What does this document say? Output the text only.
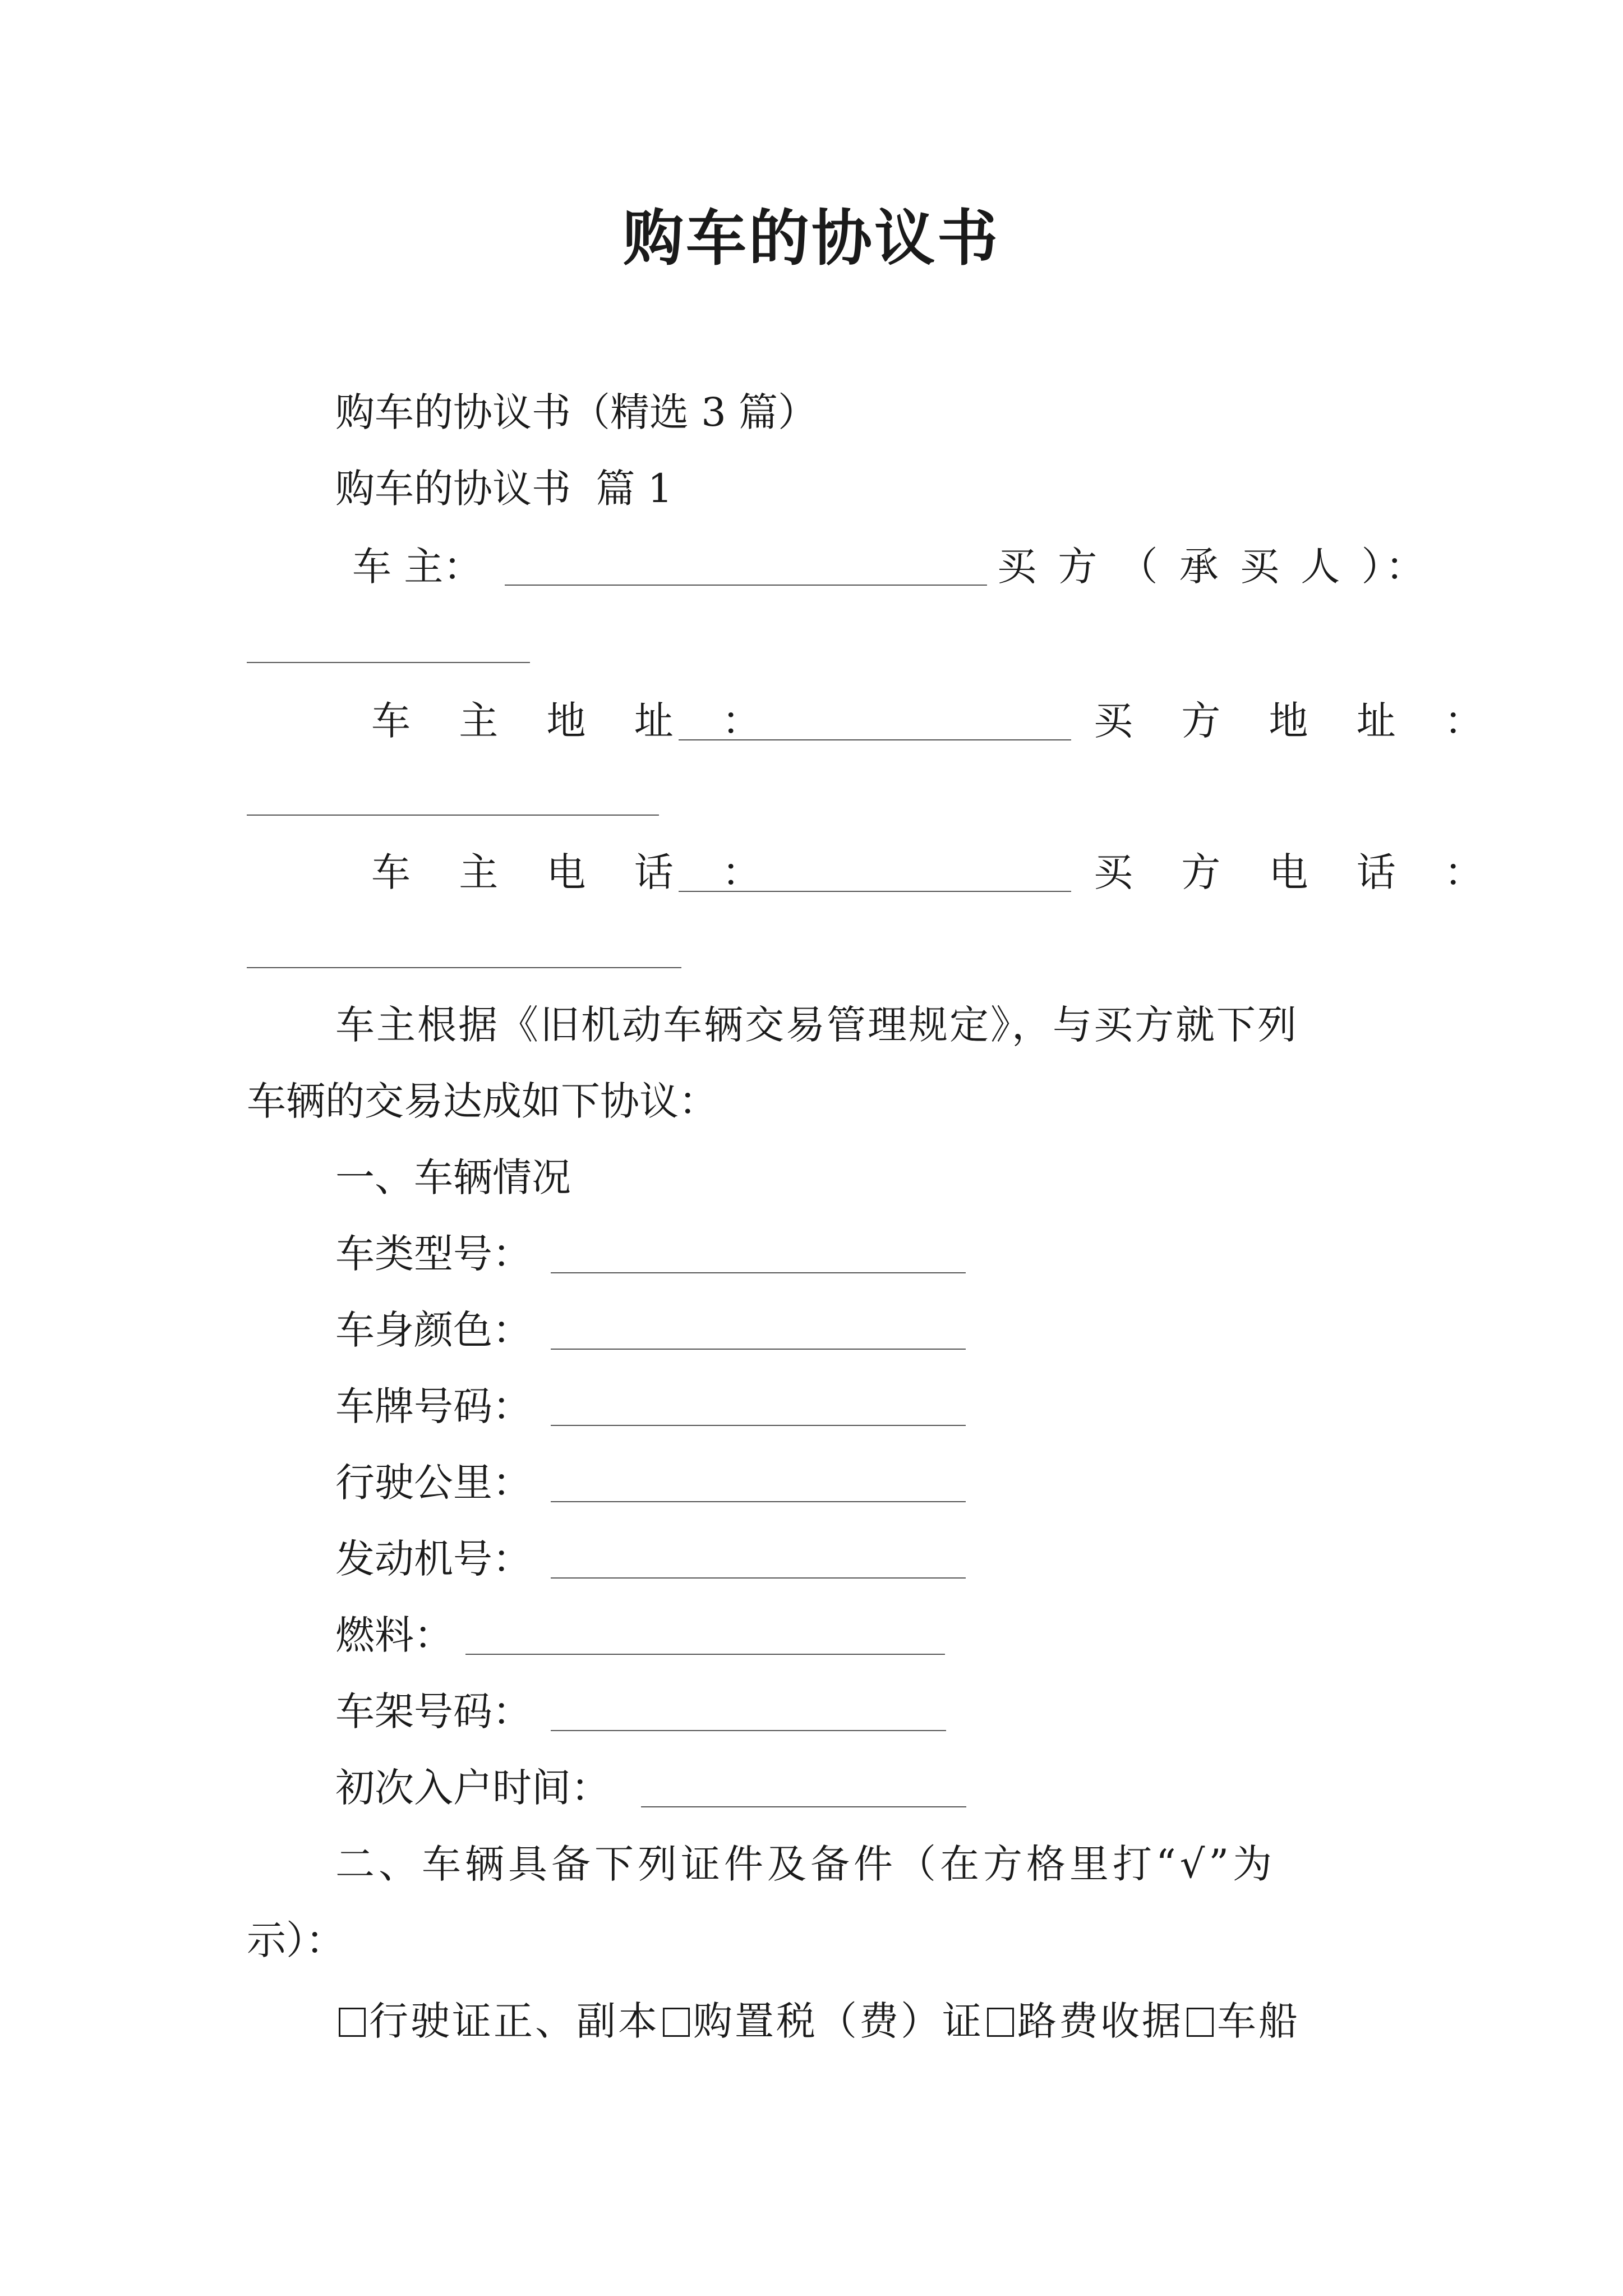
购车的协议书
购车的协议书（精选 3 篇）
购车的协议书  篇 1
车 主：	买 方 （ 承 买 人 ）：
车 主 地 址 ：	买 方 地 址 ：
车 主 电 话 ：	买 方 电 话 ：
车主根据《旧机动车辆交易管理规定》，与买方就下列
车辆的交易达成如下协议：
一、车辆情况
车类型号：
车身颜色：
车牌号码：
行驶公里：
发动机号：
燃料：
车架号码：
初次入户时间：
二、车辆具备下列证件及备件（在方格里打“√”为
示）：
行驶证正、副本 购置税（费）证 路费收据 车船
